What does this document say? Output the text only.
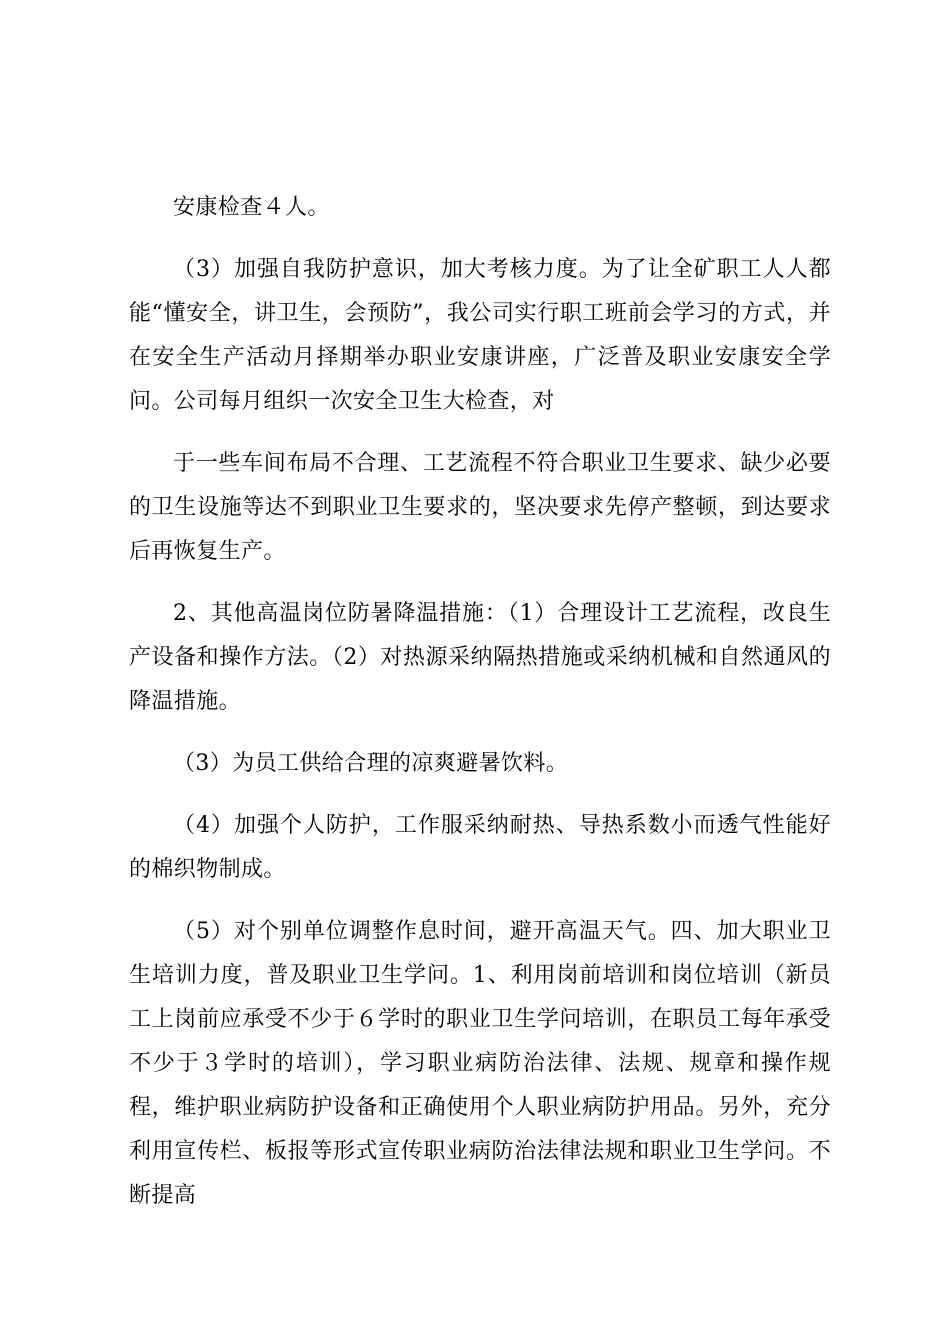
安康检查４人。

（3）加强自我防护意识，加大考核力度。为了让全矿职工人人都能“懂安全，讲卫生，会预防”，我公司实行职工班前会学习的方式，并在安全生产活动月择期举办职业安康讲座，广泛普及职业安康安全学问。公司每月组织一次安全卫生大检查，对

于一些车间布局不合理、工艺流程不符合职业卫生要求、缺少必要的卫生设施等达不到职业卫生要求的，坚决要求先停产整顿，到达要求后再恢复生产。

2、其他高温岗位防暑降温措施：（1）合理设计工艺流程，改良生产设备和操作方法。（2）对热源采纳隔热措施或采纳机械和自然通风的降温措施。

（3）为员工供给合理的凉爽避暑饮料。

（4）加强个人防护，工作服采纳耐热、导热系数小而透气性能好的棉织物制成。

（5）对个别单位调整作息时间，避开高温天气。四、加大职业卫生培训力度，普及职业卫生学问。1、利用岗前培训和岗位培训（新员工上岗前应承受不少于６学时的职业卫生学问培训，在职员工每年承受不少于３学时的培训），学习职业病防治法律、法规、规章和操作规程，维护职业病防护设备和正确使用个人职业病防护用品。另外，充分利用宣传栏、板报等形式宣传职业病防治法律法规和职业卫生学问。不断提高
